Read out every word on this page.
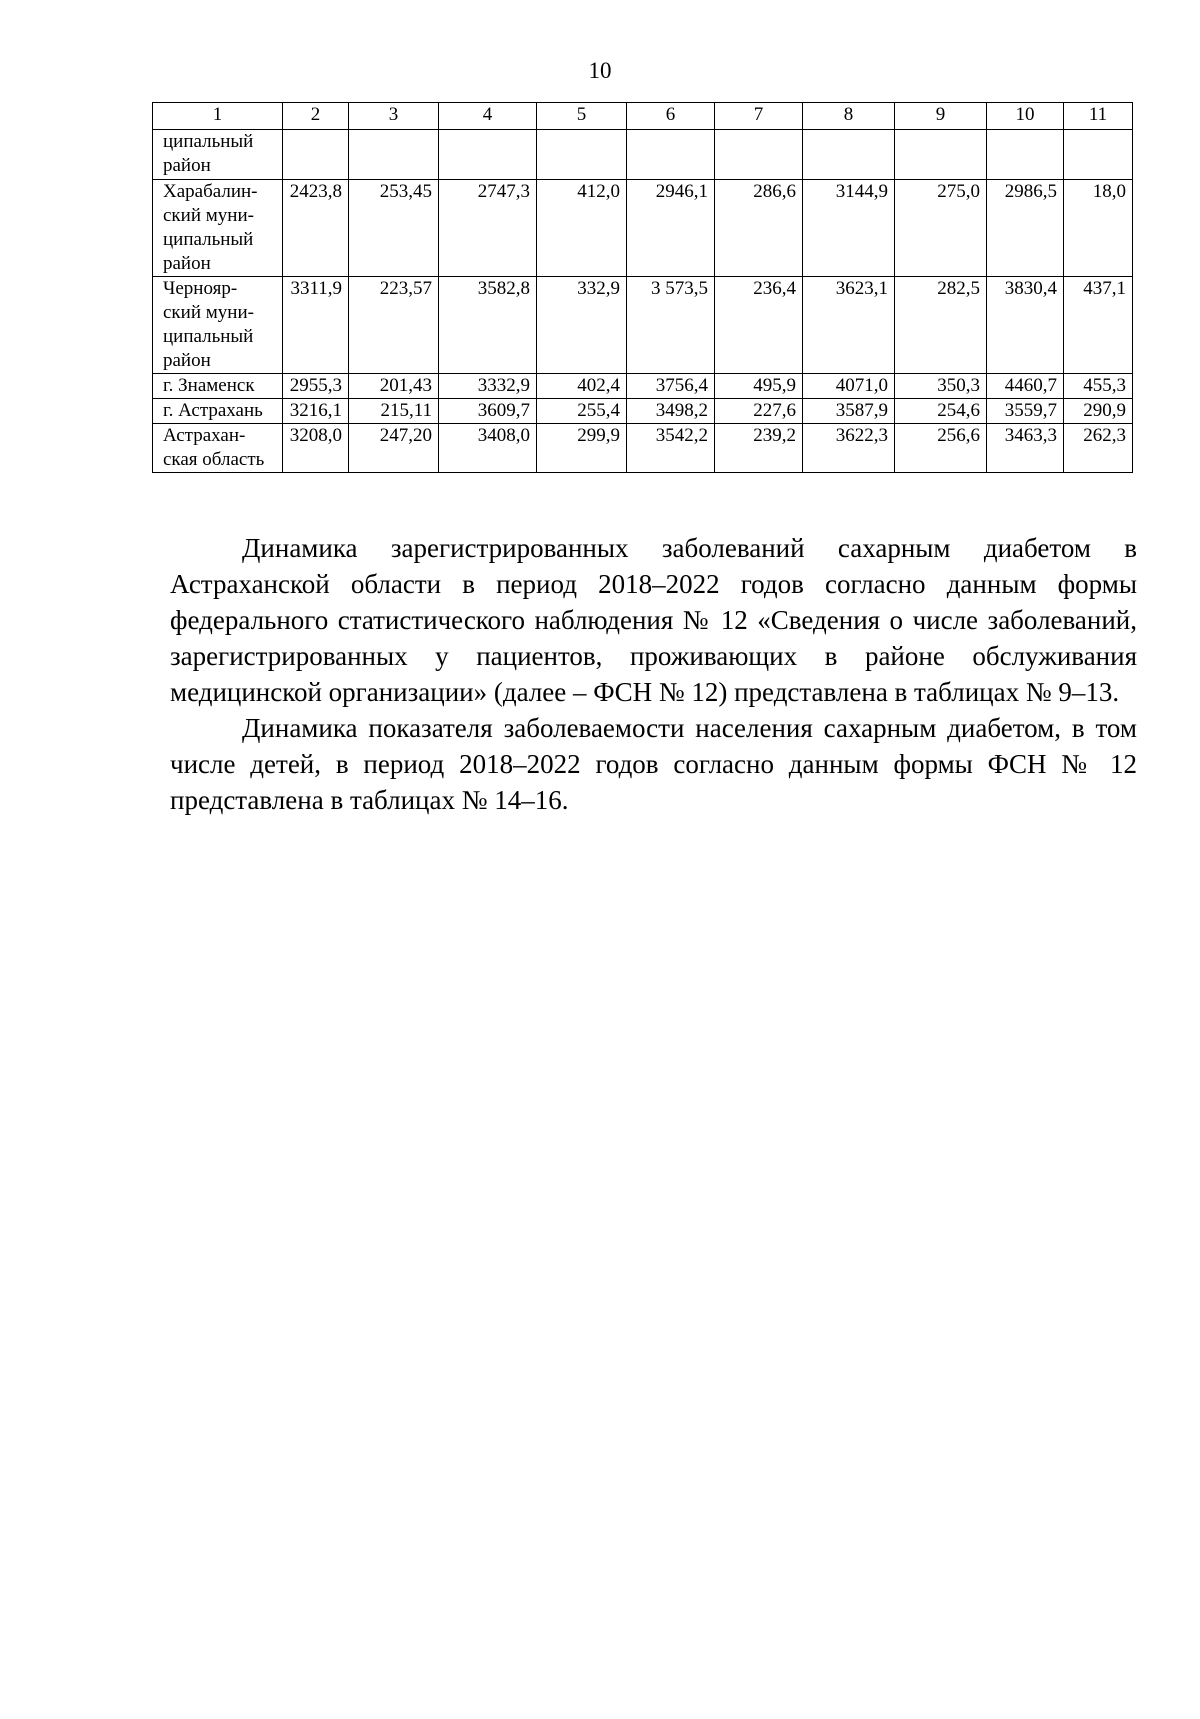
10
1	2	3	4	5	6	7	8	9	10	11
ципальный
район										
Харабалин-
ский муни-
ципальный
район	2423,8	253,45	2747,3	412,0	2946,1	286,6	3144,9	275,0	2986,5	18,0
Чернояр-
ский муни-
ципальный
район	3311,9	223,57	3582,8	332,9	3 573,5	236,4	3623,1	282,5	3830,4	437,1
г. Знаменск	2955,3	201,43	3332,9	402,4	3756,4	495,9	4071,0	350,3	4460,7	455,3
г. Астрахань	3216,1	215,11	3609,7	255,4	3498,2	227,6	3587,9	254,6	3559,7	290,9
Астрахан-
ская область	3208,0	247,20	3408,0	299,9	3542,2	239,2	3622,3	256,6	3463,3	262,3

Динамика зарегистрированных заболеваний сахарным диабетом в Астраханской области в период 2018–2022 годов согласно данным формы федерального статистического наблюдения № 12 «Сведения о числе заболеваний, зарегистрированных у пациентов, проживающих в районе обслуживания медицинской организации» (далее – ФСН № 12) представлена в таблицах № 9–13.

Динамика показателя заболеваемости населения сахарным диабетом, в том числе детей, в период 2018–2022 годов согласно данным формы ФСН № 12 представлена в таблицах № 14–16.
